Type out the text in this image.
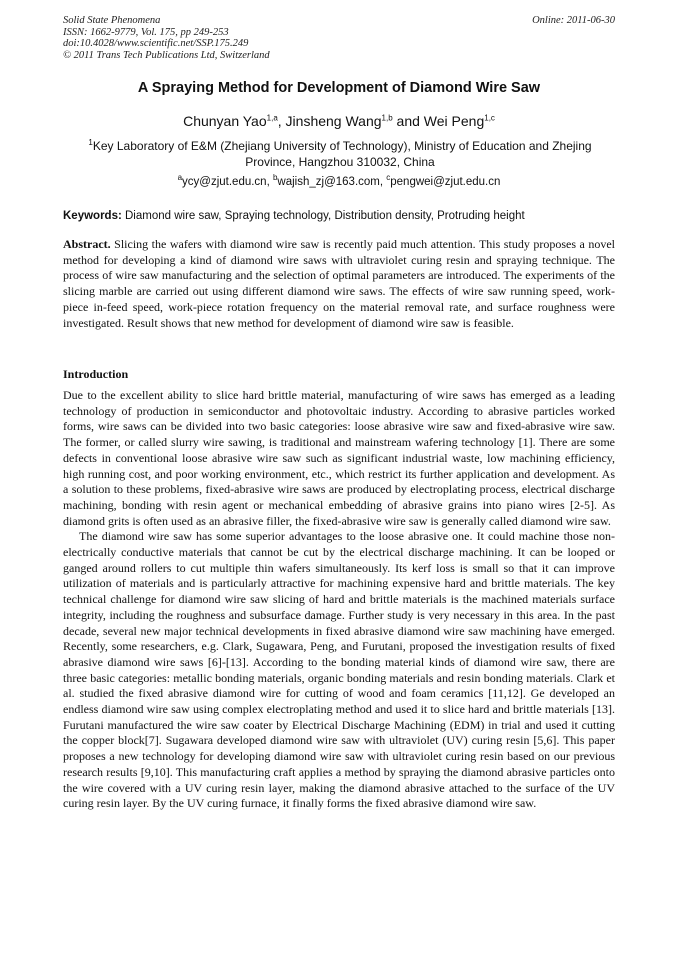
Solid State Phenomena
ISSN: 1662-9779, Vol. 175, pp 249-253
doi:10.4028/www.scientific.net/SSP.175.249
© 2011 Trans Tech Publications Ltd, Switzerland
Online: 2011-06-30
A Spraying Method for Development of Diamond Wire Saw
Chunyan Yao$^{1,a}$, Jinsheng Wang$^{1,b}$ and Wei Peng$^{1,c}$
$^1$Key Laboratory of E&M (Zhejiang University of Technology), Ministry of Education and Zhejing Province, Hangzhou 310032, China
$^a$ycy@zjut.edu.cn, $^b$wajish_zj@163.com, $^c$pengwei@zjut.edu.cn
Keywords: Diamond wire saw, Spraying technology, Distribution density, Protruding height
Abstract. Slicing the wafers with diamond wire saw is recently paid much attention. This study proposes a novel method for developing a kind of diamond wire saws with ultraviolet curing resin and spraying technique. The process of wire saw manufacturing and the selection of optimal parameters are introduced. The experiments of the slicing marble are carried out using different diamond wire saws. The effects of wire saw running speed, work-piece in-feed speed, work-piece rotation frequency on the material removal rate, and surface roughness were investigated. Result shows that new method for development of diamond wire saw is feasible.
Introduction

Due to the excellent ability to slice hard brittle material, manufacturing of wire saws has emerged as a leading technology of production in semiconductor and photovoltaic industry. According to abrasive particles worked forms, wire saws can be divided into two basic categories: loose abrasive wire saw and fixed-abrasive wire saw. The former, or called slurry wire sawing, is traditional and mainstream wafering technology [1]. There are some defects in conventional loose abrasive wire saw such as significant industrial waste, low machining efficiency, high running cost, and poor working environment, etc., which restrict its further application and development. As a solution to these problems, fixed-abrasive wire saws are produced by electroplating process, electrical discharge machining, bonding with resin agent or mechanical embedding of abrasive grains into piano wires [2-5]. As diamond grits is often used as an abrasive filler, the fixed-abrasive wire saw is generally called diamond wire saw.

The diamond wire saw has some superior advantages to the loose abrasive one. It could machine those non-electrically conductive materials that cannot be cut by the electrical discharge machining. It can be looped or ganged around rollers to cut multiple thin wafers simultaneously. Its kerf loss is small so that it can improve utilization of materials and is particularly attractive for machining expensive hard and brittle materials. The key technical challenge for diamond wire saw slicing of hard and brittle materials is the machined materials surface integrity, including the roughness and subsurface damage. Further study is very necessary in this area. In the past decade, several new major technical developments in fixed abrasive diamond wire saw machining have emerged. Recently, some researchers, e.g. Clark, Sugawara, Peng, and Furutani, proposed the investigation results of fixed abrasive diamond wire saws [6]-[13]. According to the bonding material kinds of diamond wire saw, there are three basic categories: metallic bonding materials, organic bonding materials and resin bonding materials. Clark et al. studied the fixed abrasive diamond wire for cutting of wood and foam ceramics [11,12]. Ge developed an endless diamond wire saw using complex electroplating method and used it to slice hard and brittle materials [13]. Furutani manufactured the wire saw coater by Electrical Discharge Machining (EDM) in trial and used it cutting the copper block[7]. Sugawara developed diamond wire saw with ultraviolet (UV) curing resin [5,6]. This paper proposes a new technology for developing diamond wire saw with ultraviolet curing resin based on our previous research results [9,10]. This manufacturing craft applies a method by spraying the diamond abrasive particles onto the wire covered with a UV curing resin layer, making the diamond abrasive attached to the surface of the UV curing resin layer. By the UV curing furnace, it finally forms the fixed abrasive diamond wire saw.
